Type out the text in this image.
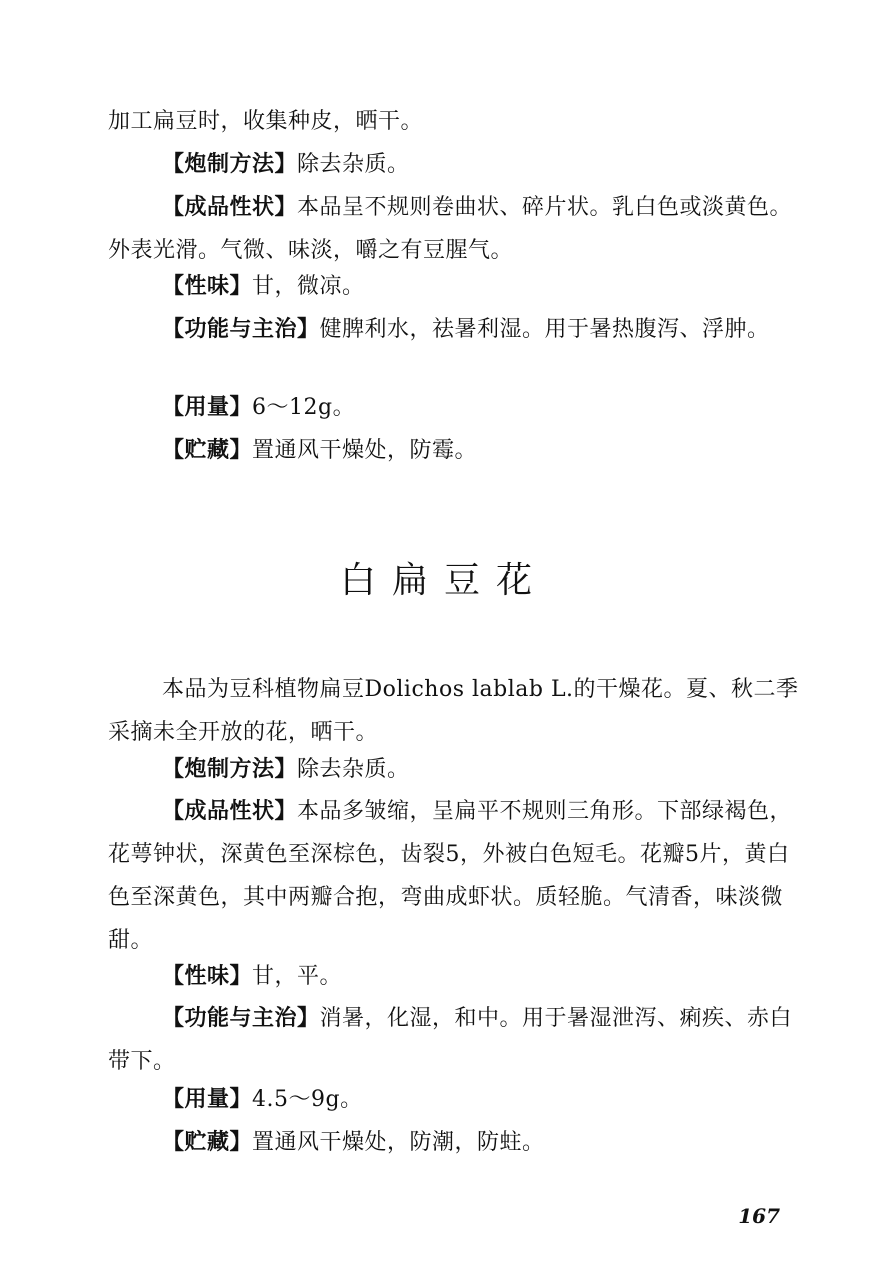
加工扁豆时，收集种皮，晒干。

【炮制方法】除去杂质。

【成品性状】本品呈不规则卷曲状、碎片状。乳白色或淡黄色。外表光滑。气微、味淡，嚼之有豆腥气。

【性味】甘，微凉。

【功能与主治】健脾利水，祛暑利湿。用于暑热腹泻、浮肿。

【用量】6～12g。

【贮藏】置通风干燥处，防霉。

白扁豆花

本品为豆科植物扁豆Dolichos lablab L.的干燥花。夏、秋二季采摘未全开放的花，晒干。

【炮制方法】除去杂质。

【成品性状】本品多皱缩，呈扁平不规则三角形。下部绿褐色，花萼钟状，深黄色至深棕色，齿裂5，外被白色短毛。花瓣5片，黄白色至深黄色，其中两瓣合抱，弯曲成虾状。质轻脆。气清香，味淡微甜。

【性味】甘，平。

【功能与主治】消暑，化湿，和中。用于暑湿泄泻、痢疾、赤白带下。

【用量】4.5～9g。

【贮藏】置通风干燥处，防潮，防蛀。

167
